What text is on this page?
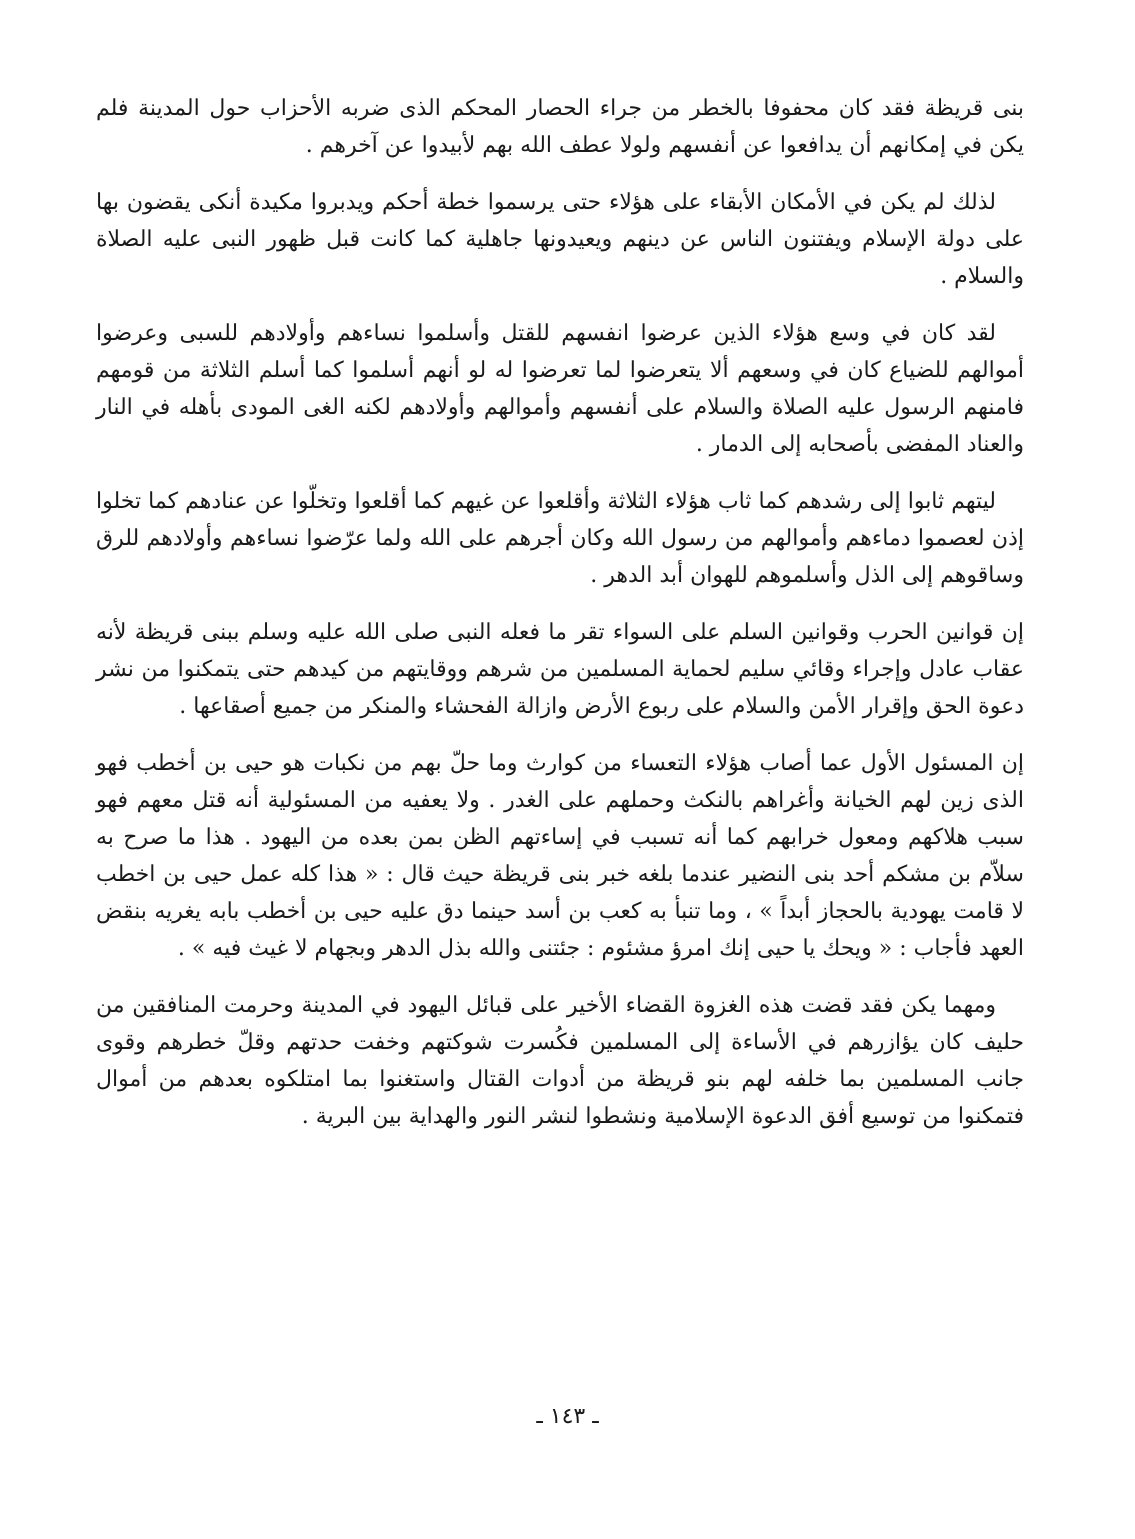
بنى قريظة فقد كان محفوفا بالخطر من جراء الحصار المحكم الذى ضربه الأحزاب حول المدينة فلم يكن في إمكانهم أن يدافعوا عن أنفسهم ولولا عطف الله بهم لأبيدوا عن آخرهم .

لذلك لم يكن في الأمكان الأبقاء على هؤلاء حتى يرسموا خطة أحكم ويدبروا مكيدة أنكى يقضون بها على دولة الإسلام ويفتنون الناس عن دينهم ويعيدونها جاهلية كما كانت قبل ظهور النبى عليه الصلاة والسلام .

لقد كان في وسع هؤلاء الذين عرضوا انفسهم للقتل وأسلموا نساءهم وأولادهم للسبى وعرضوا أموالهم للضياع كان في وسعهم ألا يتعرضوا لما تعرضوا له لو أنهم أسلموا كما أسلم الثلاثة من قومهم فامنهم الرسول عليه الصلاة والسلام على أنفسهم وأموالهم وأولادهم لكنه الغى المودى بأهله في النار والعناد المفضى بأصحابه إلى الدمار .

ليتهم ثابوا إلى رشدهم كما ثاب هؤلاء الثلاثة وأقلعوا عن غيهم كما أقلعوا وتخلّوا عن عنادهم كما تخلوا إذن لعصموا دماءهم وأموالهم من رسول الله وكان أجرهم على الله ولما عرّضوا نساءهم وأولادهم للرق وساقوهم إلى الذل وأسلموهم للهوان أبد الدهر .

إن قوانين الحرب وقوانين السلم على السواء تقر ما فعله النبى صلى الله عليه وسلم ببنى قريظة لأنه عقاب عادل وإجراء وقائي سليم لحماية المسلمين من شرهم ووقايتهم من كيدهم حتى يتمكنوا من نشر دعوة الحق وإقرار الأمن والسلام على ربوع الأرض وازالة الفحشاء والمنكر من جميع أصقاعها .

إن المسئول الأول عما أصاب هؤلاء التعساء من كوارث وما حلّ بهم من نكبات هو حيى بن أخطب فهو الذى زين لهم الخيانة وأغراهم بالنكث وحملهم على الغدر . ولا يعفيه من المسئولية أنه قتل معهم فهو سبب هلاكهم ومعول خرابهم كما أنه تسبب في إساءتهم الظن بمن بعده من اليهود . هذا ما صرح به سلاّم بن مشكم أحد بنى النضير عندما بلغه خبر بنى قريظة حيث قال : « هذا كله عمل حيى بن اخطب لا قامت يهودية بالحجاز أبداً » ، وما تنبأ به كعب بن أسد حينما دق عليه حيى بن أخطب بابه يغريه بنقض العهد فأجاب : « ويحك يا حيى إنك امرؤ مشئوم : جئتنى والله بذل الدهر وبجهام لا غيث فيه » .

ومهما يكن فقد قضت هذه الغزوة القضاء الأخير على قبائل اليهود في المدينة وحرمت المنافقين من حليف كان يؤازرهم في الأساءة إلى المسلمين فكُسرت شوكتهم وخفت حدتهم وقلّ خطرهم وقوى جانب المسلمين بما خلفه لهم بنو قريظة من أدوات القتال واستغنوا بما امتلكوه بعدهم من أموال فتمكنوا من توسيع أفق الدعوة الإسلامية ونشطوا لنشر النور والهداية بين البرية .

ـ ١٤٣ ـ
